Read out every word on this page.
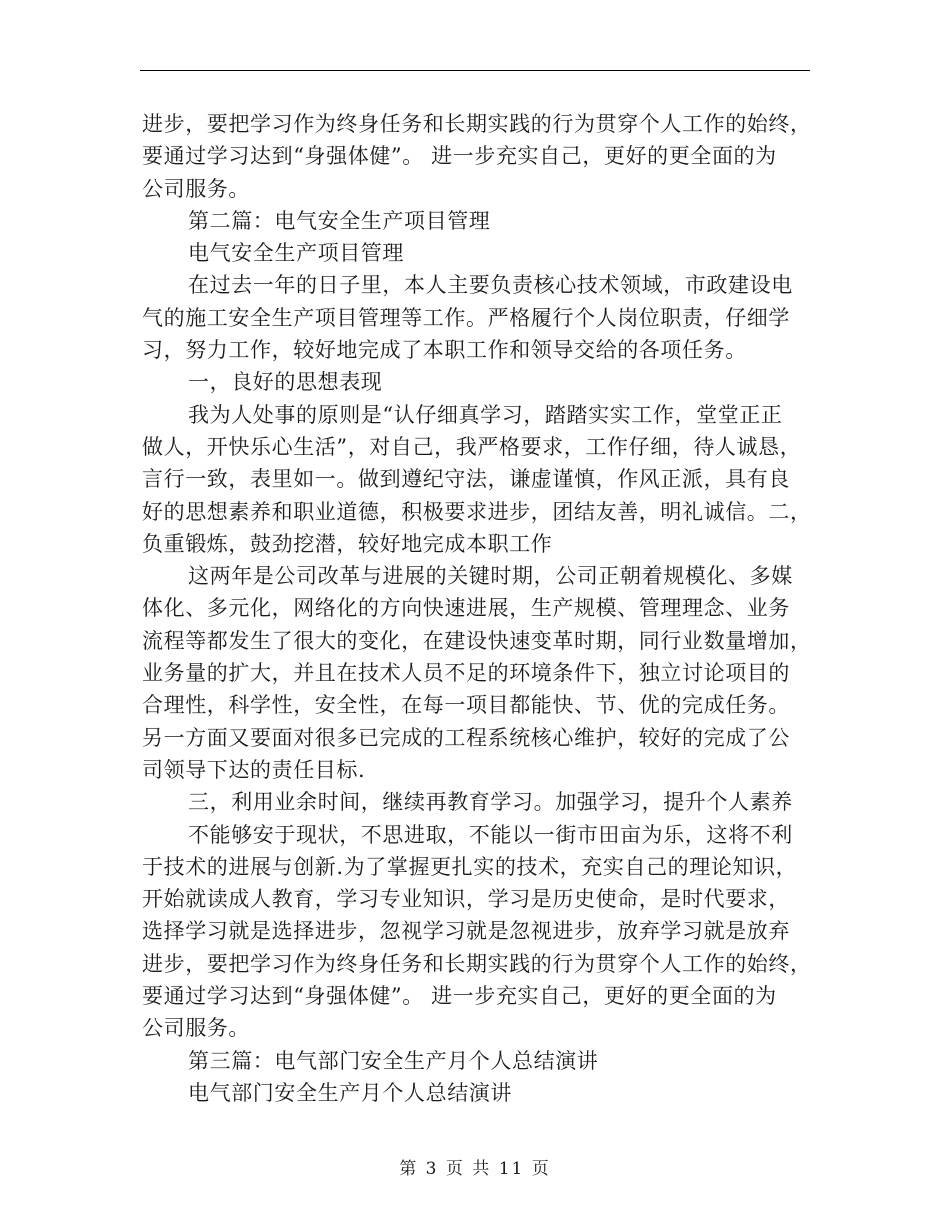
进步，要把学习作为终身任务和长期实践的行为贯穿个人工作的始终，
要通过学习达到“身强体健”。 进一步充实自己，更好的更全面的为
公司服务。
第二篇：电气安全生产项目管理
电气安全生产项目管理
在过去一年的日子里，本人主要负责核心技术领域，市政建设电
气的施工安全生产项目管理等工作。严格履行个人岗位职责，仔细学
习，努力工作，较好地完成了本职工作和领导交给的各项任务。
一，良好的思想表现
我为人处事的原则是“认仔细真学习，踏踏实实工作，堂堂正正
做人，开快乐心生活”，对自己，我严格要求，工作仔细，待人诚恳，
言行一致，表里如一。做到遵纪守法，谦虚谨慎，作风正派，具有良
好的思想素养和职业道德，积极要求进步，团结友善，明礼诚信。二，
负重锻炼，鼓劲挖潜，较好地完成本职工作
这两年是公司改革与进展的关键时期，公司正朝着规模化、多媒
体化、多元化，网络化的方向快速进展，生产规模、管理理念、业务
流程等都发生了很大的变化，在建设快速变革时期，同行业数量增加，
业务量的扩大，并且在技术人员不足的环境条件下，独立讨论项目的
合理性，科学性，安全性，在每一项目都能快、节、优的完成任务。
另一方面又要面对很多已完成的工程系统核心维护，较好的完成了公
司领导下达的责任目标.
三，利用业余时间，继续再教育学习。加强学习，提升个人素养
不能够安于现状，不思进取，不能以一街市田亩为乐，这将不利
于技术的进展与创新.为了掌握更扎实的技术，充实自己的理论知识，
开始就读成人教育，学习专业知识，学习是历史使命，是时代要求，
选择学习就是选择进步，忽视学习就是忽视进步，放弃学习就是放弃
进步，要把学习作为终身任务和长期实践的行为贯穿个人工作的始终，
要通过学习达到“身强体健”。 进一步充实自己，更好的更全面的为
公司服务。
第三篇：电气部门安全生产月个人总结演讲
电气部门安全生产月个人总结演讲
第 3 页 共 11 页
